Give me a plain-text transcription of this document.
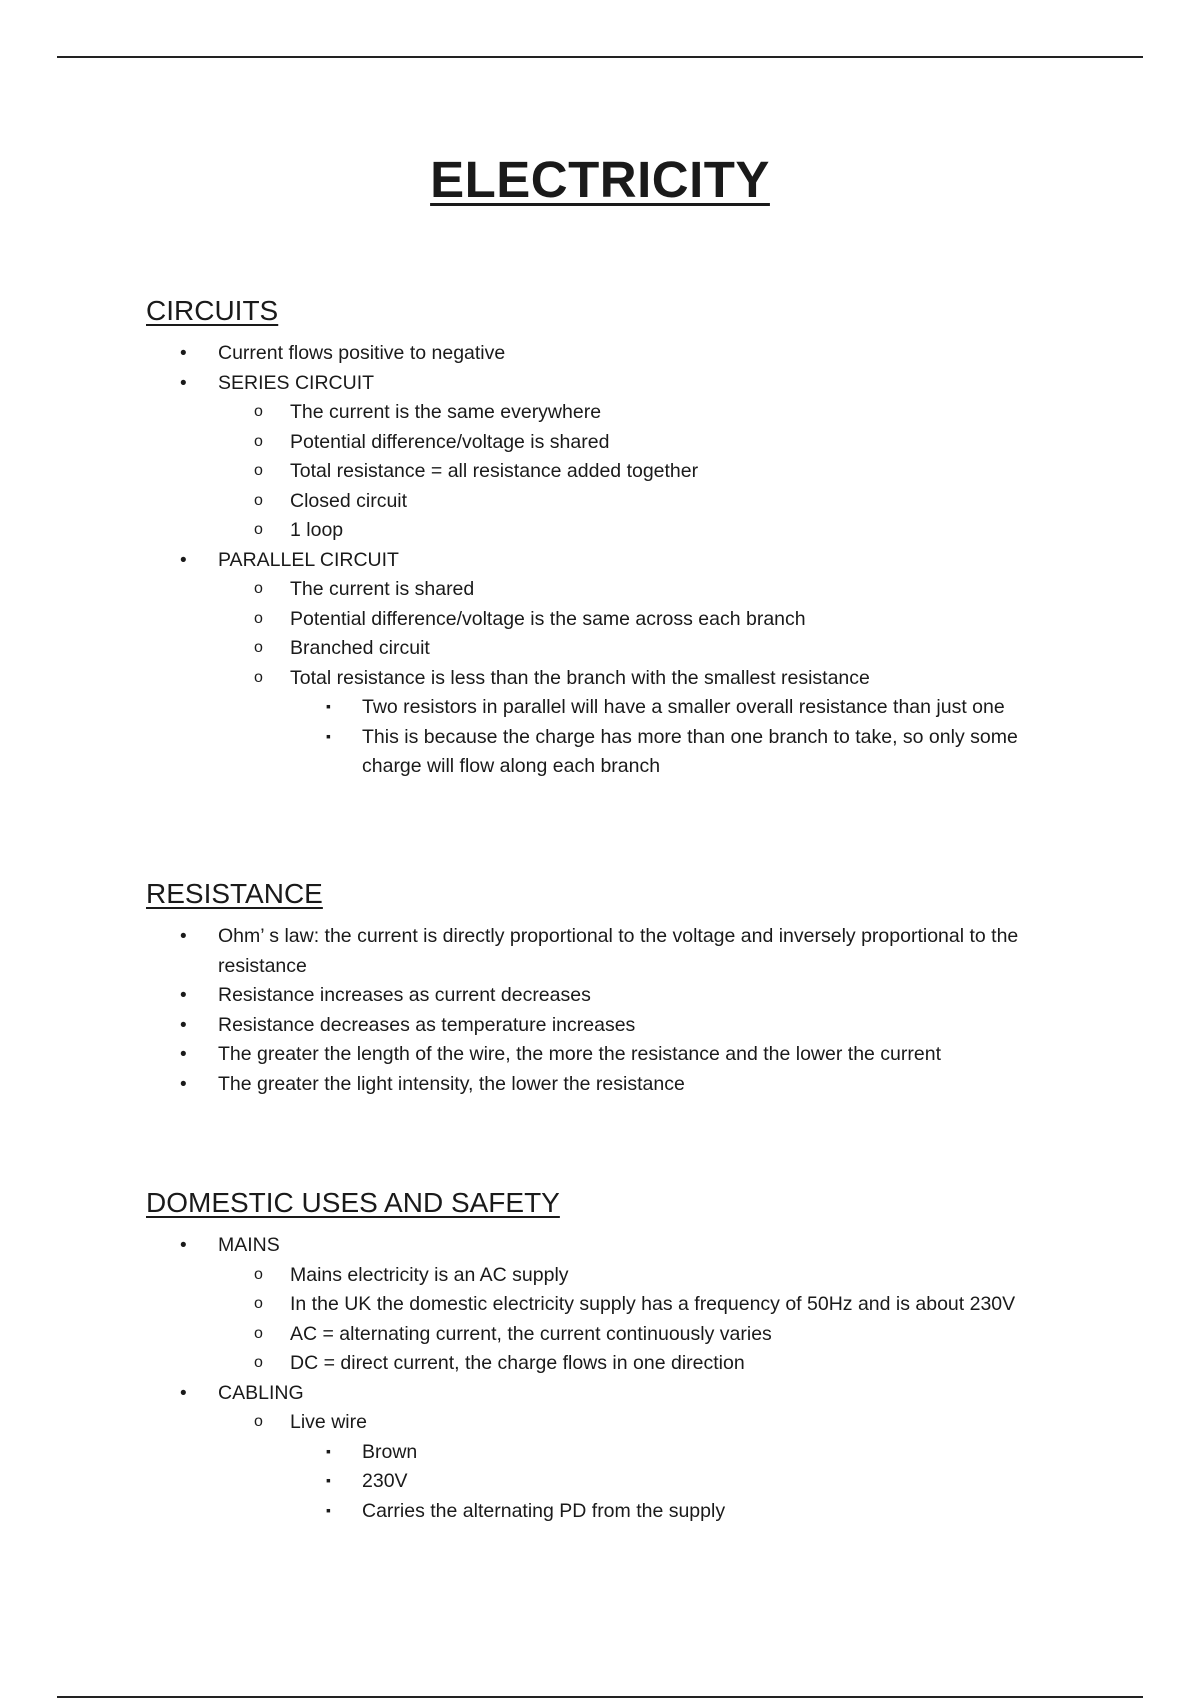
ELECTRICITY
CIRCUITS
• Current flows positive to negative
• SERIES CIRCUIT
o The current is the same everywhere
o Potential difference/voltage is shared
o Total resistance = all resistance added together
o Closed circuit
o 1 loop
• PARALLEL CIRCUIT
o The current is shared
o Potential difference/voltage is the same across each branch
o Branched circuit
o Total resistance is less than the branch with the smallest resistance
▪ Two resistors in parallel will have a smaller overall resistance than just one
▪ This is because the charge has more than one branch to take, so only some charge will flow along each branch
RESISTANCE
• Ohm’ s law: the current is directly proportional to the voltage and inversely proportional to the resistance
• Resistance increases as current decreases
• Resistance decreases as temperature increases
• The greater the length of the wire, the more the resistance and the lower the current
• The greater the light intensity, the lower the resistance
DOMESTIC USES AND SAFETY
• MAINS
o Mains electricity is an AC supply
o In the UK the domestic electricity supply has a frequency of 50Hz and is about 230V
o AC = alternating current, the current continuously varies
o DC = direct current, the charge flows in one direction
• CABLING
o Live wire
▪ Brown
▪ 230V
▪ Carries the alternating PD from the supply
